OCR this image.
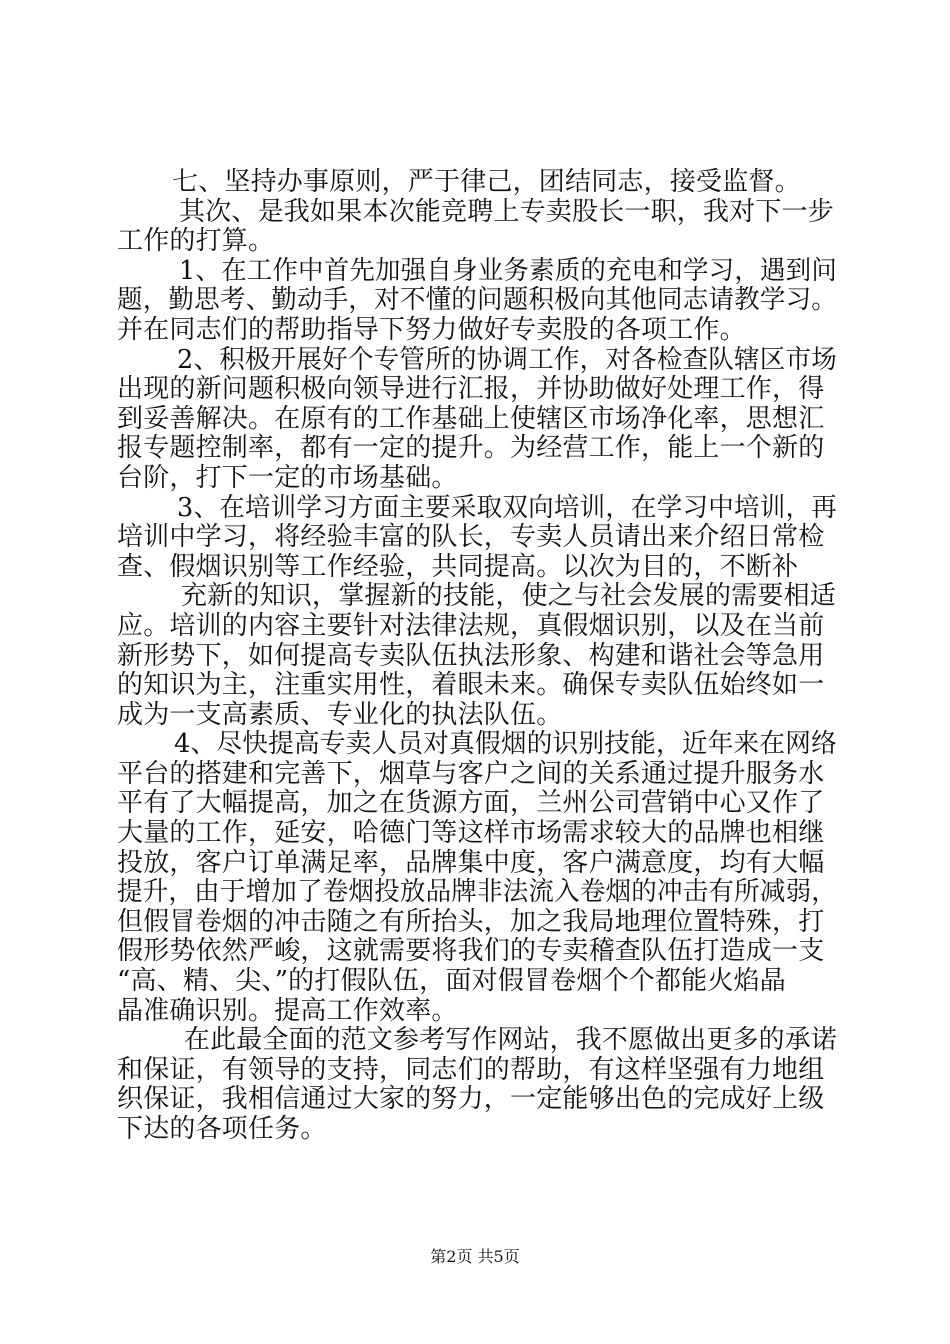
七、坚持办事原则，严于律己，团结同志，接受监督。
其次、是我如果本次能竞聘上专卖股长一职，我对下一步
工作的打算。
1、在工作中首先加强自身业务素质的充电和学习，遇到问
题，勤思考、勤动手，对不懂的问题积极向其他同志请教学习。
并在同志们的帮助指导下努力做好专卖股的各项工作。
2、积极开展好个专管所的协调工作，对各检查队辖区市场
出现的新问题积极向领导进行汇报，并协助做好处理工作，得
到妥善解决。在原有的工作基础上使辖区市场净化率，思想汇
报专题控制率，都有一定的提升。为经营工作，能上一个新的
台阶，打下一定的市场基础。
3、在培训学习方面主要采取双向培训，在学习中培训，再
培训中学习，将经验丰富的队长，专卖人员请出来介绍日常检
查、假烟识别等工作经验，共同提高。以次为目的，不断补
充新的知识，掌握新的技能，使之与社会发展的需要相适
应。培训的内容主要针对法律法规，真假烟识别，以及在当前
新形势下，如何提高专卖队伍执法形象、构建和谐社会等急用
的知识为主，注重实用性，着眼未来。确保专卖队伍始终如一
成为一支高素质、专业化的执法队伍。
4、尽快提高专卖人员对真假烟的识别技能，近年来在网络
平台的搭建和完善下，烟草与客户之间的关系通过提升服务水
平有了大幅提高，加之在货源方面，兰州公司营销中心又作了
大量的工作，延安，哈德门等这样市场需求较大的品牌也相继
投放，客户订单满足率，品牌集中度，客户满意度，均有大幅
提升，由于增加了卷烟投放品牌非法流入卷烟的冲击有所减弱，
但假冒卷烟的冲击随之有所抬头，加之我局地理位置特殊，打
假形势依然严峻，这就需要将我们的专卖稽查队伍打造成一支
“高、精、尖、”的打假队伍，面对假冒卷烟个个都能火焰晶
晶准确识别。提高工作效率。
在此最全面的范文参考写作网站，我不愿做出更多的承诺
和保证，有领导的支持，同志们的帮助，有这样坚强有力地组
织保证，我相信通过大家的努力，一定能够出色的完成好上级
下达的各项任务。
第2页 共5页
